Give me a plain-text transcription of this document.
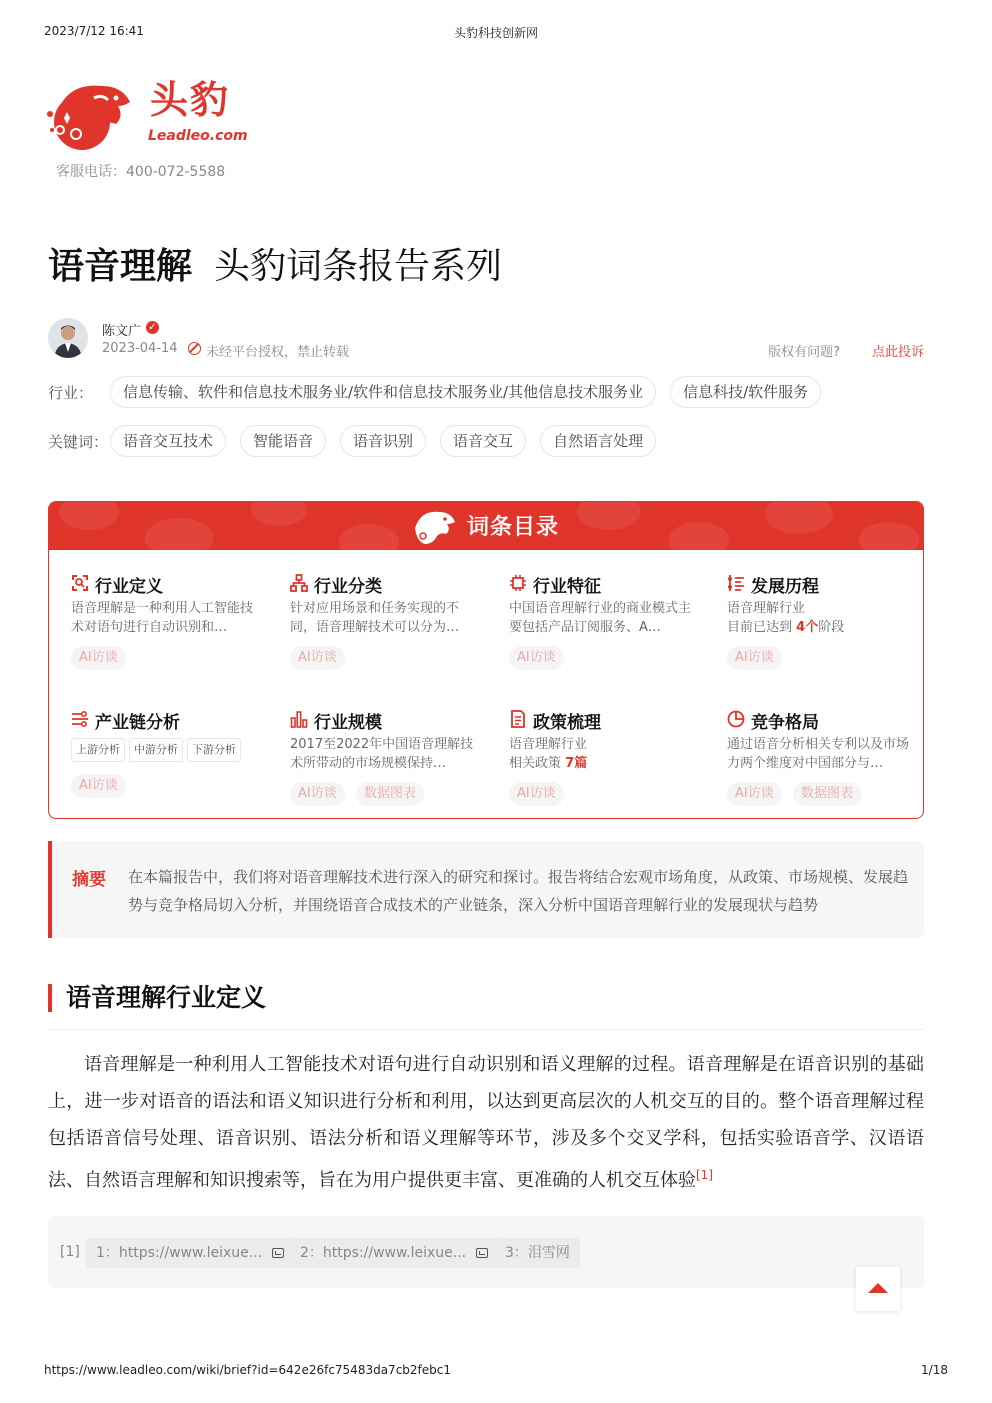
2023/7/12 16:41	头豹科技创新网
头豹
Leadleo.com
客服电话：400-072-5588
语音理解 头豹词条报告系列
陈文广 ✓
2023-04-14 未经平台授权，禁止转载	版权有问题? 点此投诉
行业：	信息传输、软件和信息技术服务业/软件和信息技术服务业/其他信息技术服务业	信息科技/软件服务
关键词： 语音交互技术	智能语音	语音识别	语音交互	自然语言处理
词条目录
行业定义
语音理解是一种利用人工智能技术对语句进行自动识别和…
AI访谈
行业分类
针对应用场景和任务实现的不同，语音理解技术可以分为…
AI访谈
行业特征
中国语音理解行业的商业模式主要包括产品订阅服务、A…
AI访谈
发展历程
语音理解行业
目前已达到 4个阶段
AI访谈
产业链分析
上游分析	中游分析	下游分析
AI访谈
行业规模
2017至2022年中国语音理解技术所带动的市场规模保持…
AI访谈	数据图表
政策梳理
语音理解行业
相关政策 7篇
AI访谈
竞争格局
通过语音分析相关专利以及市场力两个维度对中国部分与…
AI访谈	数据图表
摘要 在本篇报告中，我们将对语音理解技术进行深入的研究和探讨。报告将结合宏观市场角度，从政策、市场规模、发展趋势与竞争格局切入分析，并围绕语音合成技术的产业链条，深入分析中国语音理解行业的发展现状与趋势
语音理解行业定义
语音理解是一种利用人工智能技术对语句进行自动识别和语义理解的过程。语音理解是在语音识别的基础上，进一步对语音的语法和语义知识进行分析和利用，以达到更高层次的人机交互的目的。整个语音理解过程包括语音信号处理、语音识别、语法分析和语义理解等环节，涉及多个交叉学科，包括实验语音学、汉语语法、自然语言理解和知识搜索等，旨在为用户提供更丰富、更准确的人机交互体验[1]
[1]	1：https://www.leixue...	2：https://www.leixue...	3：泪雪网
https://www.leadleo.com/wiki/brief?id=642e26fc75483da7cb2febc1	1/18
